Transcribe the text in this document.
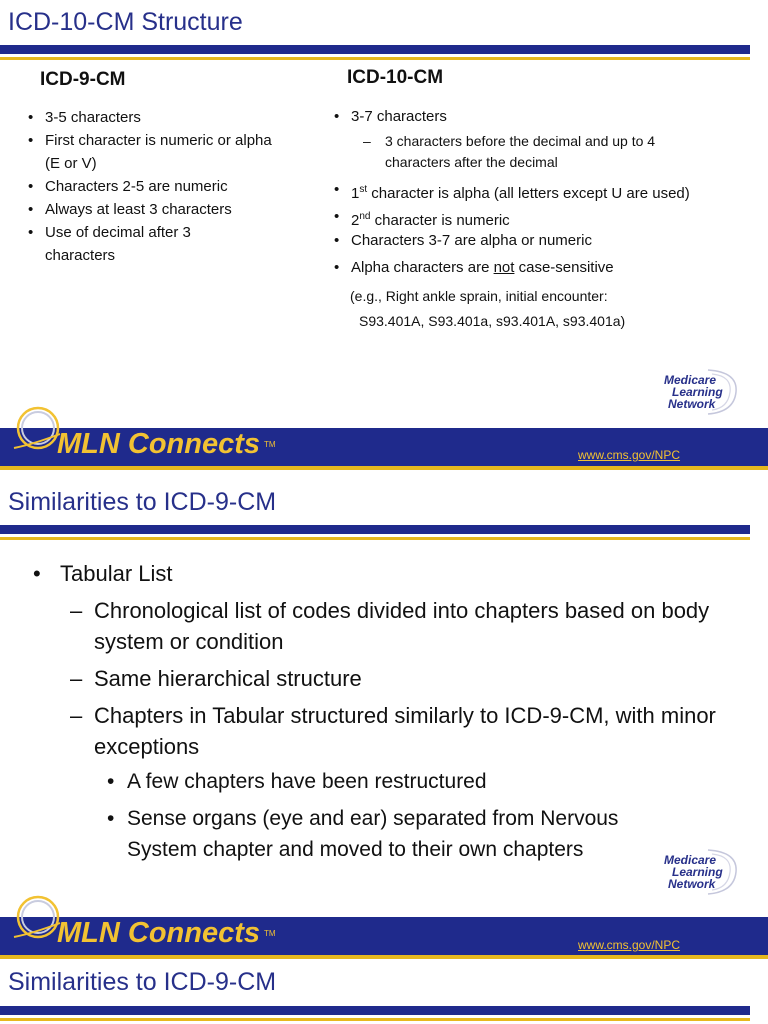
ICD-10-CM Structure
ICD-9-CM
• 3-5 characters
• First character is numeric or alpha (E or V)
• Characters 2-5 are numeric
• Always at least 3 characters
• Use of decimal after 3 characters
ICD-10-CM
• 3-7 characters
– 3 characters before the decimal and up to 4 characters after the decimal
• 1st character is alpha (all letters except U are used)
• 2nd character is numeric
• Characters 3-7 are alpha or numeric
• Alpha characters are not case-sensitive
(e.g., Right ankle sprain, initial encounter:
S93.401A, S93.401a, s93.401A, s93.401a)
Medicare
Learning
Network
MLN Connects TM
www.cms.gov/NPC
Similarities to ICD-9-CM
• Tabular List
– Chronological list of codes divided into chapters based on body system or condition
– Same hierarchical structure
– Chapters in Tabular structured similarly to ICD-9-CM, with minor exceptions
• A few chapters have been restructured
• Sense organs (eye and ear) separated from Nervous System chapter and moved to their own chapters	Medicare
Learning
Network
MLN Connects TM
www.cms.gov/NPC
Similarities to ICD-9-CM
